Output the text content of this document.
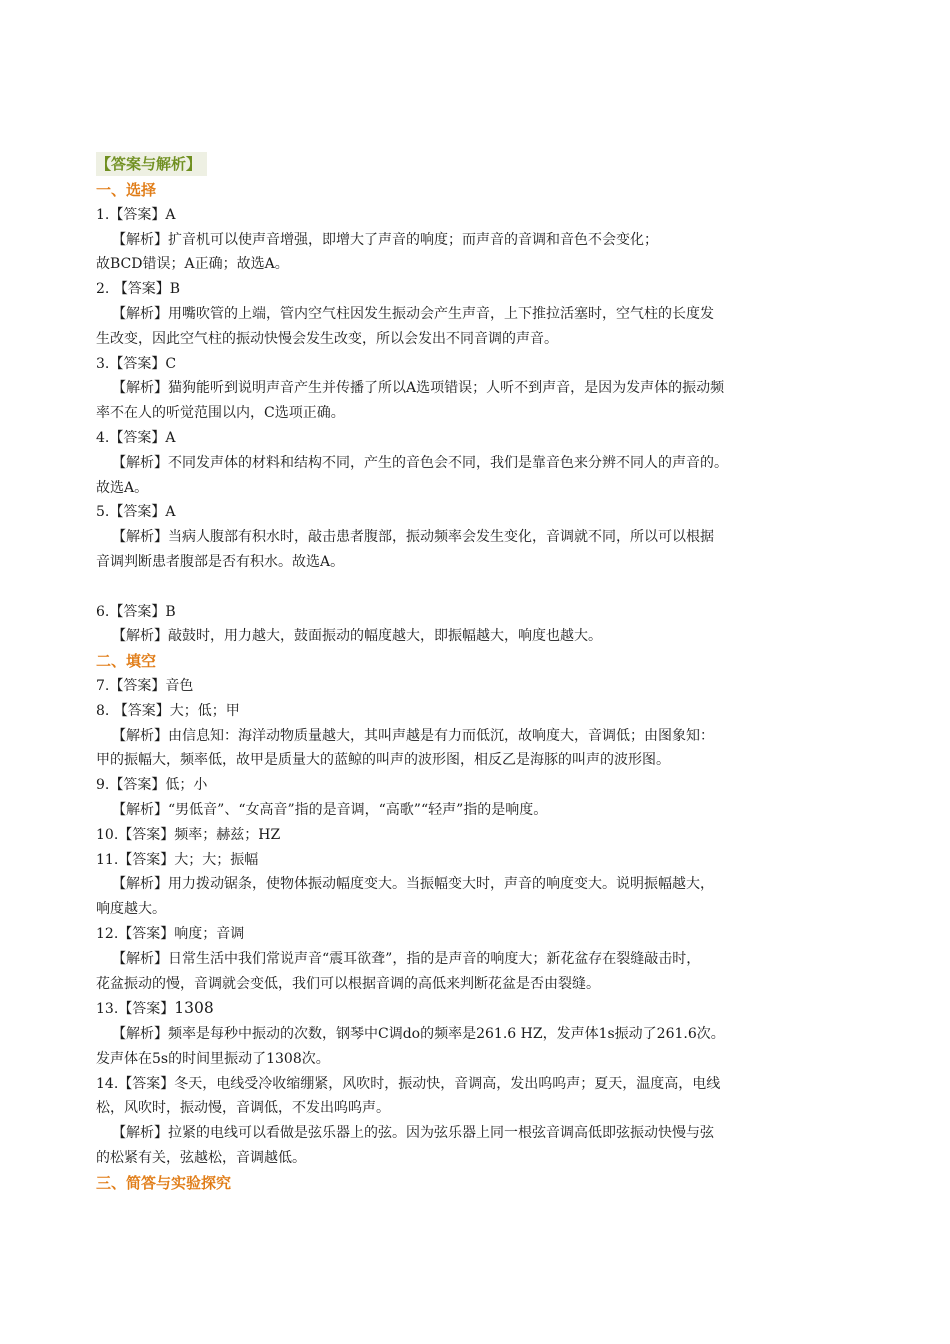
【答案与解析】
一、选择
1.【答案】A
【解析】扩音机可以使声音增强，即增大了声音的响度；而声音的音调和音色不会变化；
故BCD错误；A正确；故选A。
2. 【答案】B
【解析】用嘴吹管的上端，管内空气柱因发生振动会产生声音，上下推拉活塞时，空气柱的长度发
生改变，因此空气柱的振动快慢会发生改变，所以会发出不同音调的声音。
3.【答案】C
【解析】猫狗能听到说明声音产生并传播了所以A选项错误；人听不到声音，是因为发声体的振动频
率不在人的听觉范围以内，C选项正确。
4.【答案】A
【解析】不同发声体的材料和结构不同，产生的音色会不同，我们是靠音色来分辨不同人的声音的。
故选A。
5.【答案】A
【解析】当病人腹部有积水时，敲击患者腹部，振动频率会发生变化，音调就不同，所以可以根据
音调判断患者腹部是否有积水。故选A。
6.【答案】B
【解析】敲鼓时，用力越大，鼓面振动的幅度越大，即振幅越大，响度也越大。
二、填空
7.【答案】音色
8. 【答案】大；低；甲
【解析】由信息知：海洋动物质量越大，其叫声越是有力而低沉，故响度大，音调低；由图象知：
甲的振幅大，频率低，故甲是质量大的蓝鲸的叫声的波形图，相反乙是海豚的叫声的波形图。
9.【答案】低；小
【解析】“男低音”、“女高音”指的是音调，“高歌”“轻声”指的是响度。
10.【答案】频率；赫兹；HZ
11.【答案】大；大；振幅
【解析】用力拨动锯条，使物体振动幅度变大。当振幅变大时，声音的响度变大。说明振幅越大，
响度越大。
12.【答案】响度；音调
【解析】日常生活中我们常说声音“震耳欲聋”，指的是声音的响度大；新花盆存在裂缝敲击时，
花盆振动的慢，音调就会变低，我们可以根据音调的高低来判断花盆是否由裂缝。
13.【答案】1308
【解析】频率是每秒中振动的次数，钢琴中C调do的频率是261.6 HZ，发声体1s振动了261.6次。
发声体在5s的时间里振动了1308次。
14.【答案】冬天，电线受冷收缩绷紧，风吹时，振动快，音调高，发出呜呜声；夏天，温度高，电线
松，风吹时，振动慢，音调低，不发出呜呜声。
【解析】拉紧的电线可以看做是弦乐器上的弦。因为弦乐器上同一根弦音调高低即弦振动快慢与弦
的松紧有关，弦越松，音调越低。
三、简答与实验探究
